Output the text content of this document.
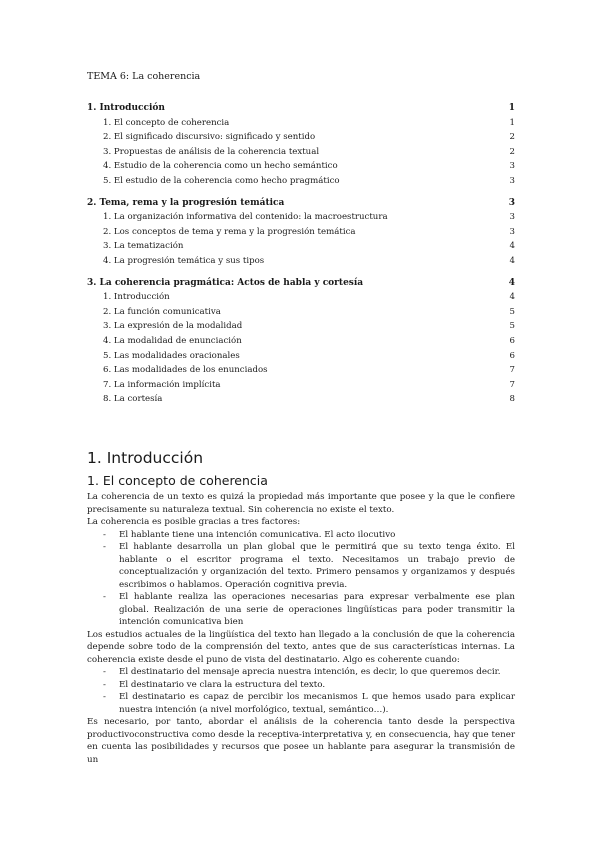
TEMA 6: La coherencia
1. Introducción	1
1. El concepto de coherencia	1
2. El significado discursivo: significado y sentido	2
3. Propuestas de análisis de la coherencia textual	2
4. Estudio de la coherencia como un hecho semántico	3
5. El estudio de la coherencia como hecho pragmático	3
2. Tema, rema y la progresión temática	3
1. La organización informativa del contenido: la macroestructura	3
2. Los conceptos de tema y rema y la progresión temática	3
3. La tematización	4
4. La progresión temática y sus tipos	4
3. La coherencia pragmática: Actos de habla y cortesía	4
1. Introducción	4
2. La función comunicativa	5
3. La expresión de la modalidad	5
4. La modalidad de enunciación	6
5. Las modalidades oracionales	6
6. Las modalidades de los enunciados	7
7. La información implícita	7
8. La cortesía	8
1. Introducción
1. El concepto de coherencia

La coherencia de un texto es quizá la propiedad más importante que posee y la que le confiere precisamente su naturaleza textual. Sin coherencia no existe el texto.

La coherencia es posible gracias a tres factores:

- El hablante tiene una intención comunicativa. El acto ilocutivo
- El hablante desarrolla un plan global que le permitirá que su texto tenga éxito. El hablante o el escritor programa el texto. Necesitamos un trabajo previo de conceptualización y organización del texto. Primero pensamos y organizamos y después escribimos o hablamos. Operación cognitiva previa.
- El hablante realiza las operaciones necesarias para expresar verbalmente ese plan global. Realización de una serie de operaciones lingüísticas para poder transmitir la intención comunicativa bien

Los estudios actuales de la lingüística del texto han llegado a la conclusión de que la coherencia depende sobre todo de la comprensión del texto, antes que de sus características internas. La coherencia existe desde el puno de vista del destinatario. Algo es coherente cuando:

- El destinatario del mensaje aprecia nuestra intención, es decir, lo que queremos decir.
- El destinatario ve clara la estructura del texto.
- El destinatario es capaz de percibir los mecanismos L que hemos usado para explicar nuestra intención (a nivel morfológico, textual, semántico…).

Es necesario, por tanto, abordar el análisis de la coherencia tanto desde la perspectiva productivoconstructiva como desde la receptiva-interpretativa y, en consecuencia, hay que tener en cuenta las posibilidades y recursos que posee un hablante para asegurar la transmisión de un
